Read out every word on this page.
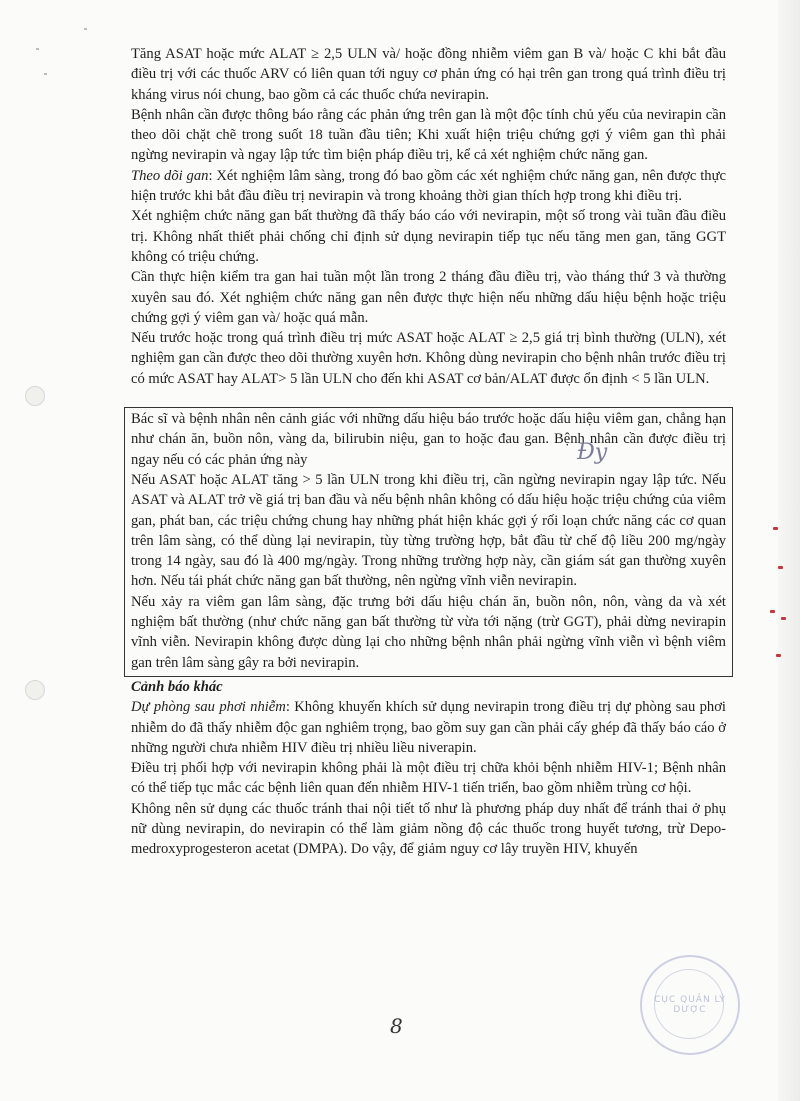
Tăng ASAT hoặc mức ALAT ≥ 2,5 ULN và/ hoặc đồng nhiễm viêm gan B và/ hoặc C khi bắt đầu điều trị với các thuốc ARV có liên quan tới nguy cơ phản ứng có hại trên gan trong quá trình điều trị kháng virus nói chung, bao gồm cả các thuốc chứa nevirapin.

Bệnh nhân cần được thông báo rằng các phản ứng trên gan là một độc tính chủ yếu của nevirapin cần theo dõi chặt chẽ trong suốt 18 tuần đầu tiên; Khi xuất hiện triệu chứng gợi ý viêm gan thì phải ngừng nevirapin và ngay lập tức tìm biện pháp điều trị, kể cả xét nghiệm chức năng gan.

Theo dõi gan: Xét nghiệm lâm sàng, trong đó bao gồm các xét nghiệm chức năng gan, nên được thực hiện trước khi bắt đầu điều trị nevirapin và trong khoảng thời gian thích hợp trong khi điều trị.

Xét nghiệm chức năng gan bất thường đã thấy báo cáo với nevirapin, một số trong vài tuần đầu điều trị. Không nhất thiết phải chống chỉ định sử dụng nevirapin tiếp tục nếu tăng men gan, tăng GGT không có triệu chứng.

Cần thực hiện kiểm tra gan hai tuần một lần trong 2 tháng đầu điều trị, vào tháng thứ 3 và thường xuyên sau đó. Xét nghiệm chức năng gan nên được thực hiện nếu những dấu hiệu bệnh hoặc triệu chứng gợi ý viêm gan và/ hoặc quá mẫn.

Nếu trước hoặc trong quá trình điều trị mức ASAT hoặc ALAT ≥ 2,5 giá trị bình thường (ULN), xét nghiệm gan cần được theo dõi thường xuyên hơn. Không dùng nevirapin cho bệnh nhân trước điều trị có mức ASAT hay ALAT> 5 lần ULN cho đến khi ASAT cơ bản/ALAT được ổn định < 5 lần ULN.

Bác sĩ và bệnh nhân nên cảnh giác với những dấu hiệu báo trước hoặc dấu hiệu viêm gan, chẳng hạn như chán ăn, buồn nôn, vàng da, bilirubin niệu, gan to hoặc đau gan. Bệnh nhân cần được điều trị ngay nếu có các phản ứng này

Nếu ASAT hoặc ALAT tăng > 5 lần ULN trong khi điều trị, cần ngừng nevirapin ngay lập tức. Nếu ASAT và ALAT trở về giá trị ban đầu và nếu bệnh nhân không có dấu hiệu hoặc triệu chứng của viêm gan, phát ban, các triệu chứng chung hay những phát hiện khác gợi ý rối loạn chức năng các cơ quan trên lâm sàng, có thể dùng lại nevirapin, tùy từng trường hợp, bắt đầu từ chế độ liều 200 mg/ngày trong 14 ngày, sau đó là 400 mg/ngày. Trong những trường hợp này, cần giám sát gan thường xuyên hơn. Nếu tái phát chức năng gan bất thường, nên ngừng vĩnh viễn nevirapin.

Nếu xảy ra viêm gan lâm sàng, đặc trưng bởi dấu hiệu chán ăn, buồn nôn, nôn, vàng da và xét nghiệm bất thường (như chức năng gan bất thường từ vừa tới nặng (trừ GGT), phải dừng nevirapin vĩnh viễn. Nevirapin không được dùng lại cho những bệnh nhân phải ngừng vĩnh viễn vì bệnh viêm gan trên lâm sàng gây ra bởi nevirapin.

Cảnh báo khác

Dự phòng sau phơi nhiễm: Không khuyến khích sử dụng nevirapin trong điều trị dự phòng sau phơi nhiễm do đã thấy nhiễm độc gan nghiêm trọng, bao gồm suy gan cần phải cấy ghép đã thấy báo cáo ở những người chưa nhiễm HIV điều trị nhiều liều niverapin.

Điều trị phối hợp với nevirapin không phải là một điều trị chữa khỏi bệnh nhiễm HIV-1; Bệnh nhân có thể tiếp tục mắc các bệnh liên quan đến nhiễm HIV-1 tiến triển, bao gồm nhiễm trùng cơ hội.

Không nên sử dụng các thuốc tránh thai nội tiết tố như là phương pháp duy nhất để tránh thai ở phụ nữ dùng nevirapin, do nevirapin có thể làm giảm nồng độ các thuốc trong huyết tương, trừ Depo-medroxyprogesteron acetat (DMPA). Do vậy, để giảm nguy cơ lây truyền HIV, khuyến

Đy
CỤC QUẢN LÝ DƯỢC
8
